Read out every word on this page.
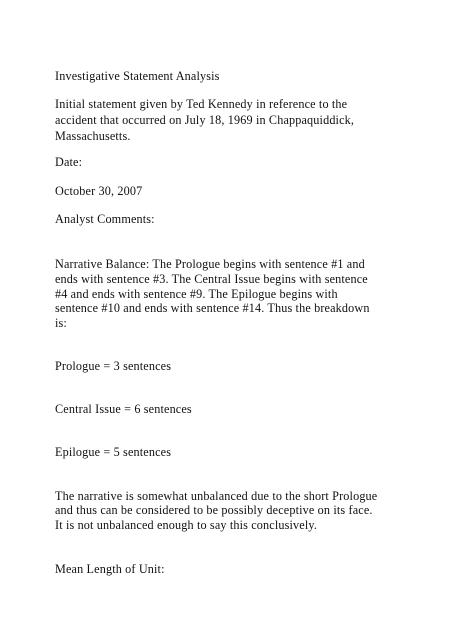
Investigative Statement Analysis

Initial statement given by Ted Kennedy in reference to the

accident that occurred on July 18, 1969 in Chappaquiddick,

Massachusetts.

Date:

October 30, 2007

Analyst Comments:

Narrative Balance: The Prologue begins with sentence #1 and

ends with sentence #3. The Central Issue begins with sentence

#4 and ends with sentence #9. The Epilogue begins with

sentence #10 and ends with sentence #14. Thus the breakdown

is:

Prologue = 3 sentences

Central Issue = 6 sentences

Epilogue = 5 sentences

The narrative is somewhat unbalanced due to the short Prologue

and thus can be considered to be possibly deceptive on its face.

It is not unbalanced enough to say this conclusively.

Mean Length of Unit:
